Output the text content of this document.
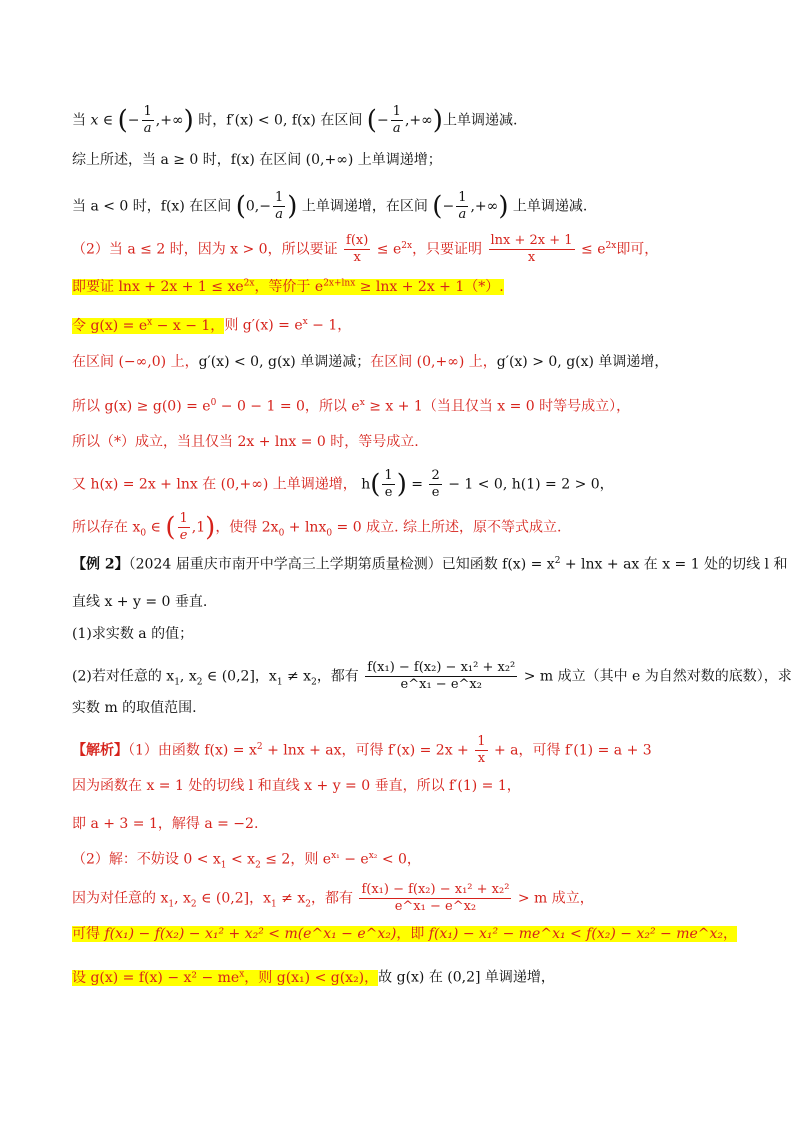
当 x ∈ (− $\frac{1}{a}$ ,+∞) 时，f′(x) < 0, f(x) 在区间 (− $\frac{1}{a}$ ,+∞)上单调递减.
综上所述，当 a ≥ 0 时，f(x) 在区间 (0,+∞) 上单调递增；
当 a < 0 时，f(x) 在区间 ($0,- \frac{1}{a}$ ) 上单调递增，在区间 (− $\frac{1}{a}$ ,+∞) 上单调递减.
（2）当 a ≤ 2 时，因为 x > 0，所以要证 $\frac{f(x)}{x} \le e^{2x}$，只要证明 $\frac{\ln x + 2x + 1}{x} \le e^{2x}$即可，
即要证 $\ln x + 2x + 1 \le xe^{2x}$，等价于 $e^{2x+lnx} \ge \ln x + 2x + 1(*)$.
令 $g(x) = e^x - x - 1$，则 $g'(x) = e^x - 1$，
在区间 (−∞,0) 上，g′(x) < 0, g(x) 单调递减；在区间 (0,+∞) 上，g′(x) > 0, g(x) 单调递增，
所以 $g(x) \ge g(0) = e^0 - 0 - 1 = 0$，所以 $e^x \ge x + 1$（当且仅当 x = 0 时等号成立），
所以（*）成立，当且仅当 2x + lnx = 0 时，等号成立.
又 h(x) = 2x + lnx 在 (0,+∞) 上单调递增， $h( \frac{1}{e}$ ) = $\frac{2}{e} - 1 < 0$, h(1) = 2 > 0，
所以存在 $x_0$ ∈ ( $\frac{1}{e} ,1$)，使得 $2x_0 + \ln x_0 = 0$ 成立. 综上所述，原不等式成立.
【例 2】（2024 届重庆市南开中学高三上学期第质量检测）已知函数 $f(x) = x^2 + \ln x$ + ax 在 x = 1 处的切线 l 和
直线 x + y = 0 垂直.
(1)求实数 a 的值；
(2)若对任意的 $x_1$, $x_2$ ∈ (0,2]，$x_1 \ne x_2$，都有 $\frac{\text{f(x₁) − f(x₂) − x₁² + x₂²}}{\text{e\textasciicircum{}x₁ − e\textasciicircum{}x₂}} > m$ 成立（其中 e 为自然对数的底数），求
实数 m 的取值范围.
【解析】（1）由函数 $f(x) = x^2 + \ln x$ + ax，可得 $f'(x) = 2x + \frac{1}{x} + a$，可得 f′(1) = a + 3
因为函数在 x = 1 处的切线 l 和直线 x + y = 0 垂直，所以 f′(1) = 1，
即 a + 3 = 1，解得 a = −2.
（2）解：不妨设 $0 < x_1 < x_2 \le 2$，则 $e^{x_1} - e^{x_2} < 0$，
因为对任意的 $x_1$, $x_2$ ∈ (0,2]，$x_1 \ne x_2$，都有 $\frac{\text{f(x₁) − f(x₂) − x₁² + x₂²}}{\text{e\textasciicircum{}x₁ − e\textasciicircum{}x₂}} > m$ 成立，
可得 f(x₁) − f(x₂) − x₁² + x₂² < m(e^x₁ − e^x₂)，即 f(x₁) − x₁² − me^x₁ < f(x₂) − x₂² − me^x₂，
设 $g(x) = f(x) - x^2 - me^x$，则 g(x₁) < g(x₂)，故 g(x) 在 (0,2] 单调递增，
